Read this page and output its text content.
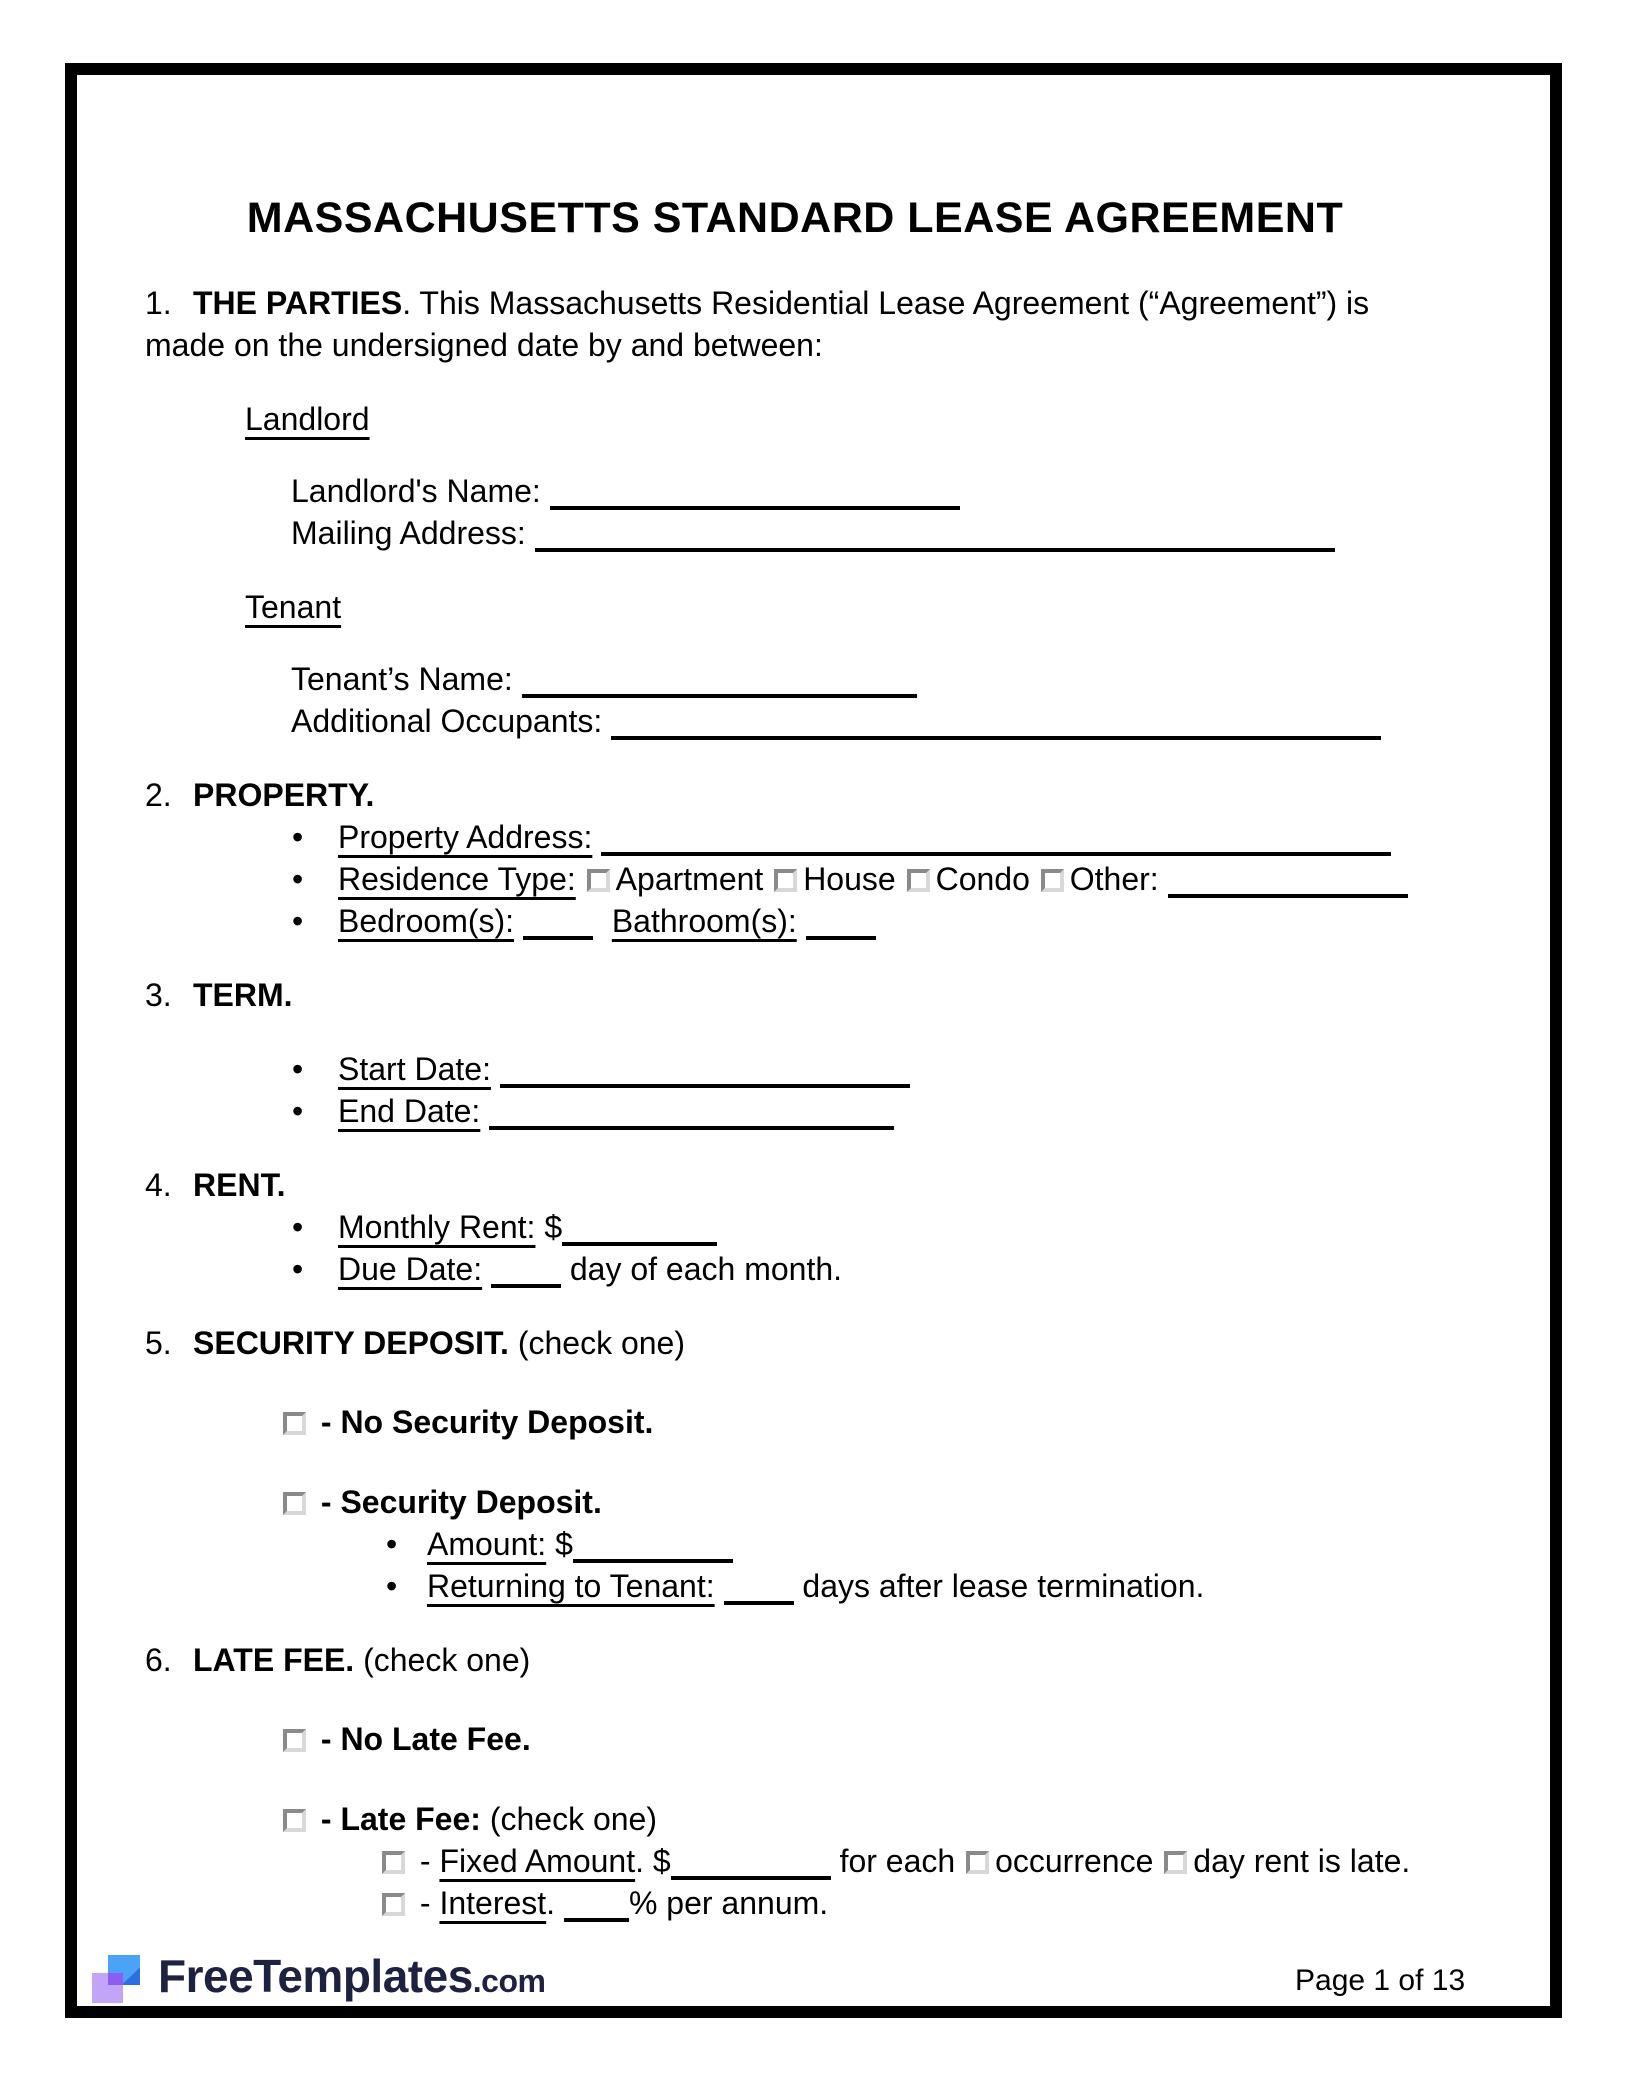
MASSACHUSETTS STANDARD LEASE AGREEMENT
1. THE PARTIES. This Massachusetts Residential Lease Agreement (“Agreement”) is made on the undersigned date by and between:
Landlord
Landlord's Name:
Mailing Address:
Tenant
Tenant’s Name:
Additional Occupants:
2. PROPERTY.
• Property Address:
• Residence Type: Apartment House Condo Other:
• Bedroom(s):	Bathroom(s):
3. TERM.
• Start Date:
• End Date:
4. RENT.
• Monthly Rent: $
• Due Date:	day of each month.
5. SECURITY DEPOSIT. (check one)
- No Security Deposit.
- Security Deposit.
• Amount: $
• Returning to Tenant:	days after lease termination.
6. LATE FEE. (check one)
- No Late Fee.
- Late Fee: (check one)
- Fixed Amount. $	for each occurrence day rent is late.
- Interest. % per annum.
FreeTemplates.com	Page 1 of 13
